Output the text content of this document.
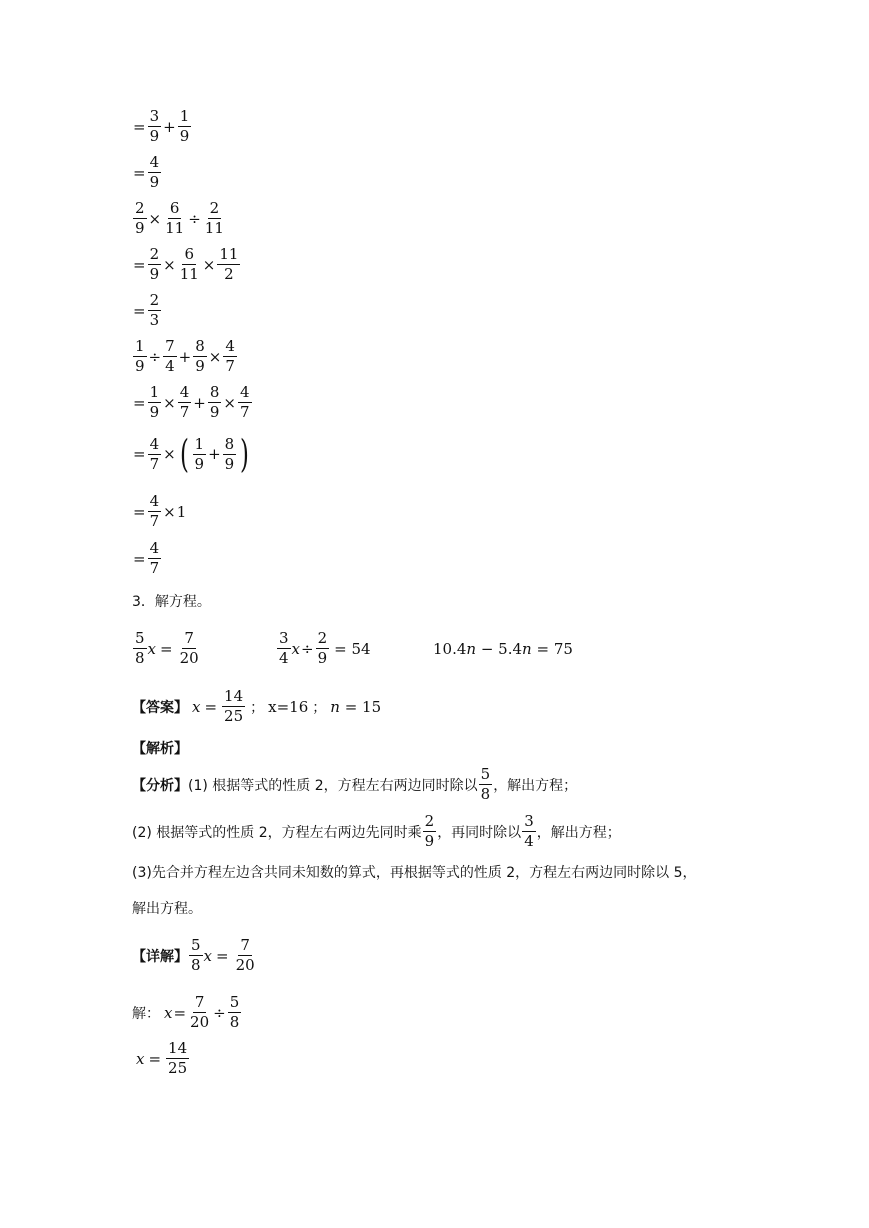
= $\frac{3}{9} + \frac{1}{9}$
= $\frac{4}{9}$
$\frac{2}{9} \times \frac{6}{11} \div \frac{2}{11}$
= $\frac{2}{9} \times \frac{6}{11} \times \frac{11}{2}$
= $\frac{2}{3}$
$\frac{1}{9} \div \frac{7}{4} + \frac{8}{9} \times \frac{4}{7}$
= $\frac{1}{9} \times \frac{4}{7} + \frac{8}{9} \times \frac{4}{7}$
= $\frac{4}{7}$ × ( $\frac{1}{9} + \frac{8}{9}$ )
= $\frac{4}{7} \times 1$
= $\frac{4}{7}$
3．解方程。
$\frac{5}{8}$ $x = \frac{7}{20}$	$\frac{3}{4}$ $x \div \frac{2}{9} = 54$	10.4 n − 5.4 n = 75
【答案】 $x = \frac{14}{25}$ ； x=16 ； n = 15
【解析】
【分析】 (1) 根据等式的性质 2，方程左右两边同时除以 $\frac{5}{8}$ ，解出方程；
(2) 根据等式的性质 2，方程左右两边先同时乘 $\frac{2}{9}$ ，再同时除以 $\frac{3}{4}$ ，解出方程；
(3)先合并方程左边含共同未知数的算式，再根据等式的性质 2，方程左右两边同时除以 5，
解出方程。
【详解】 $\frac{5}{8}$ $x = \frac{7}{20}$
解： $x = \frac{7}{20} \div \frac{5}{8}$
$x = \frac{14}{25}$
